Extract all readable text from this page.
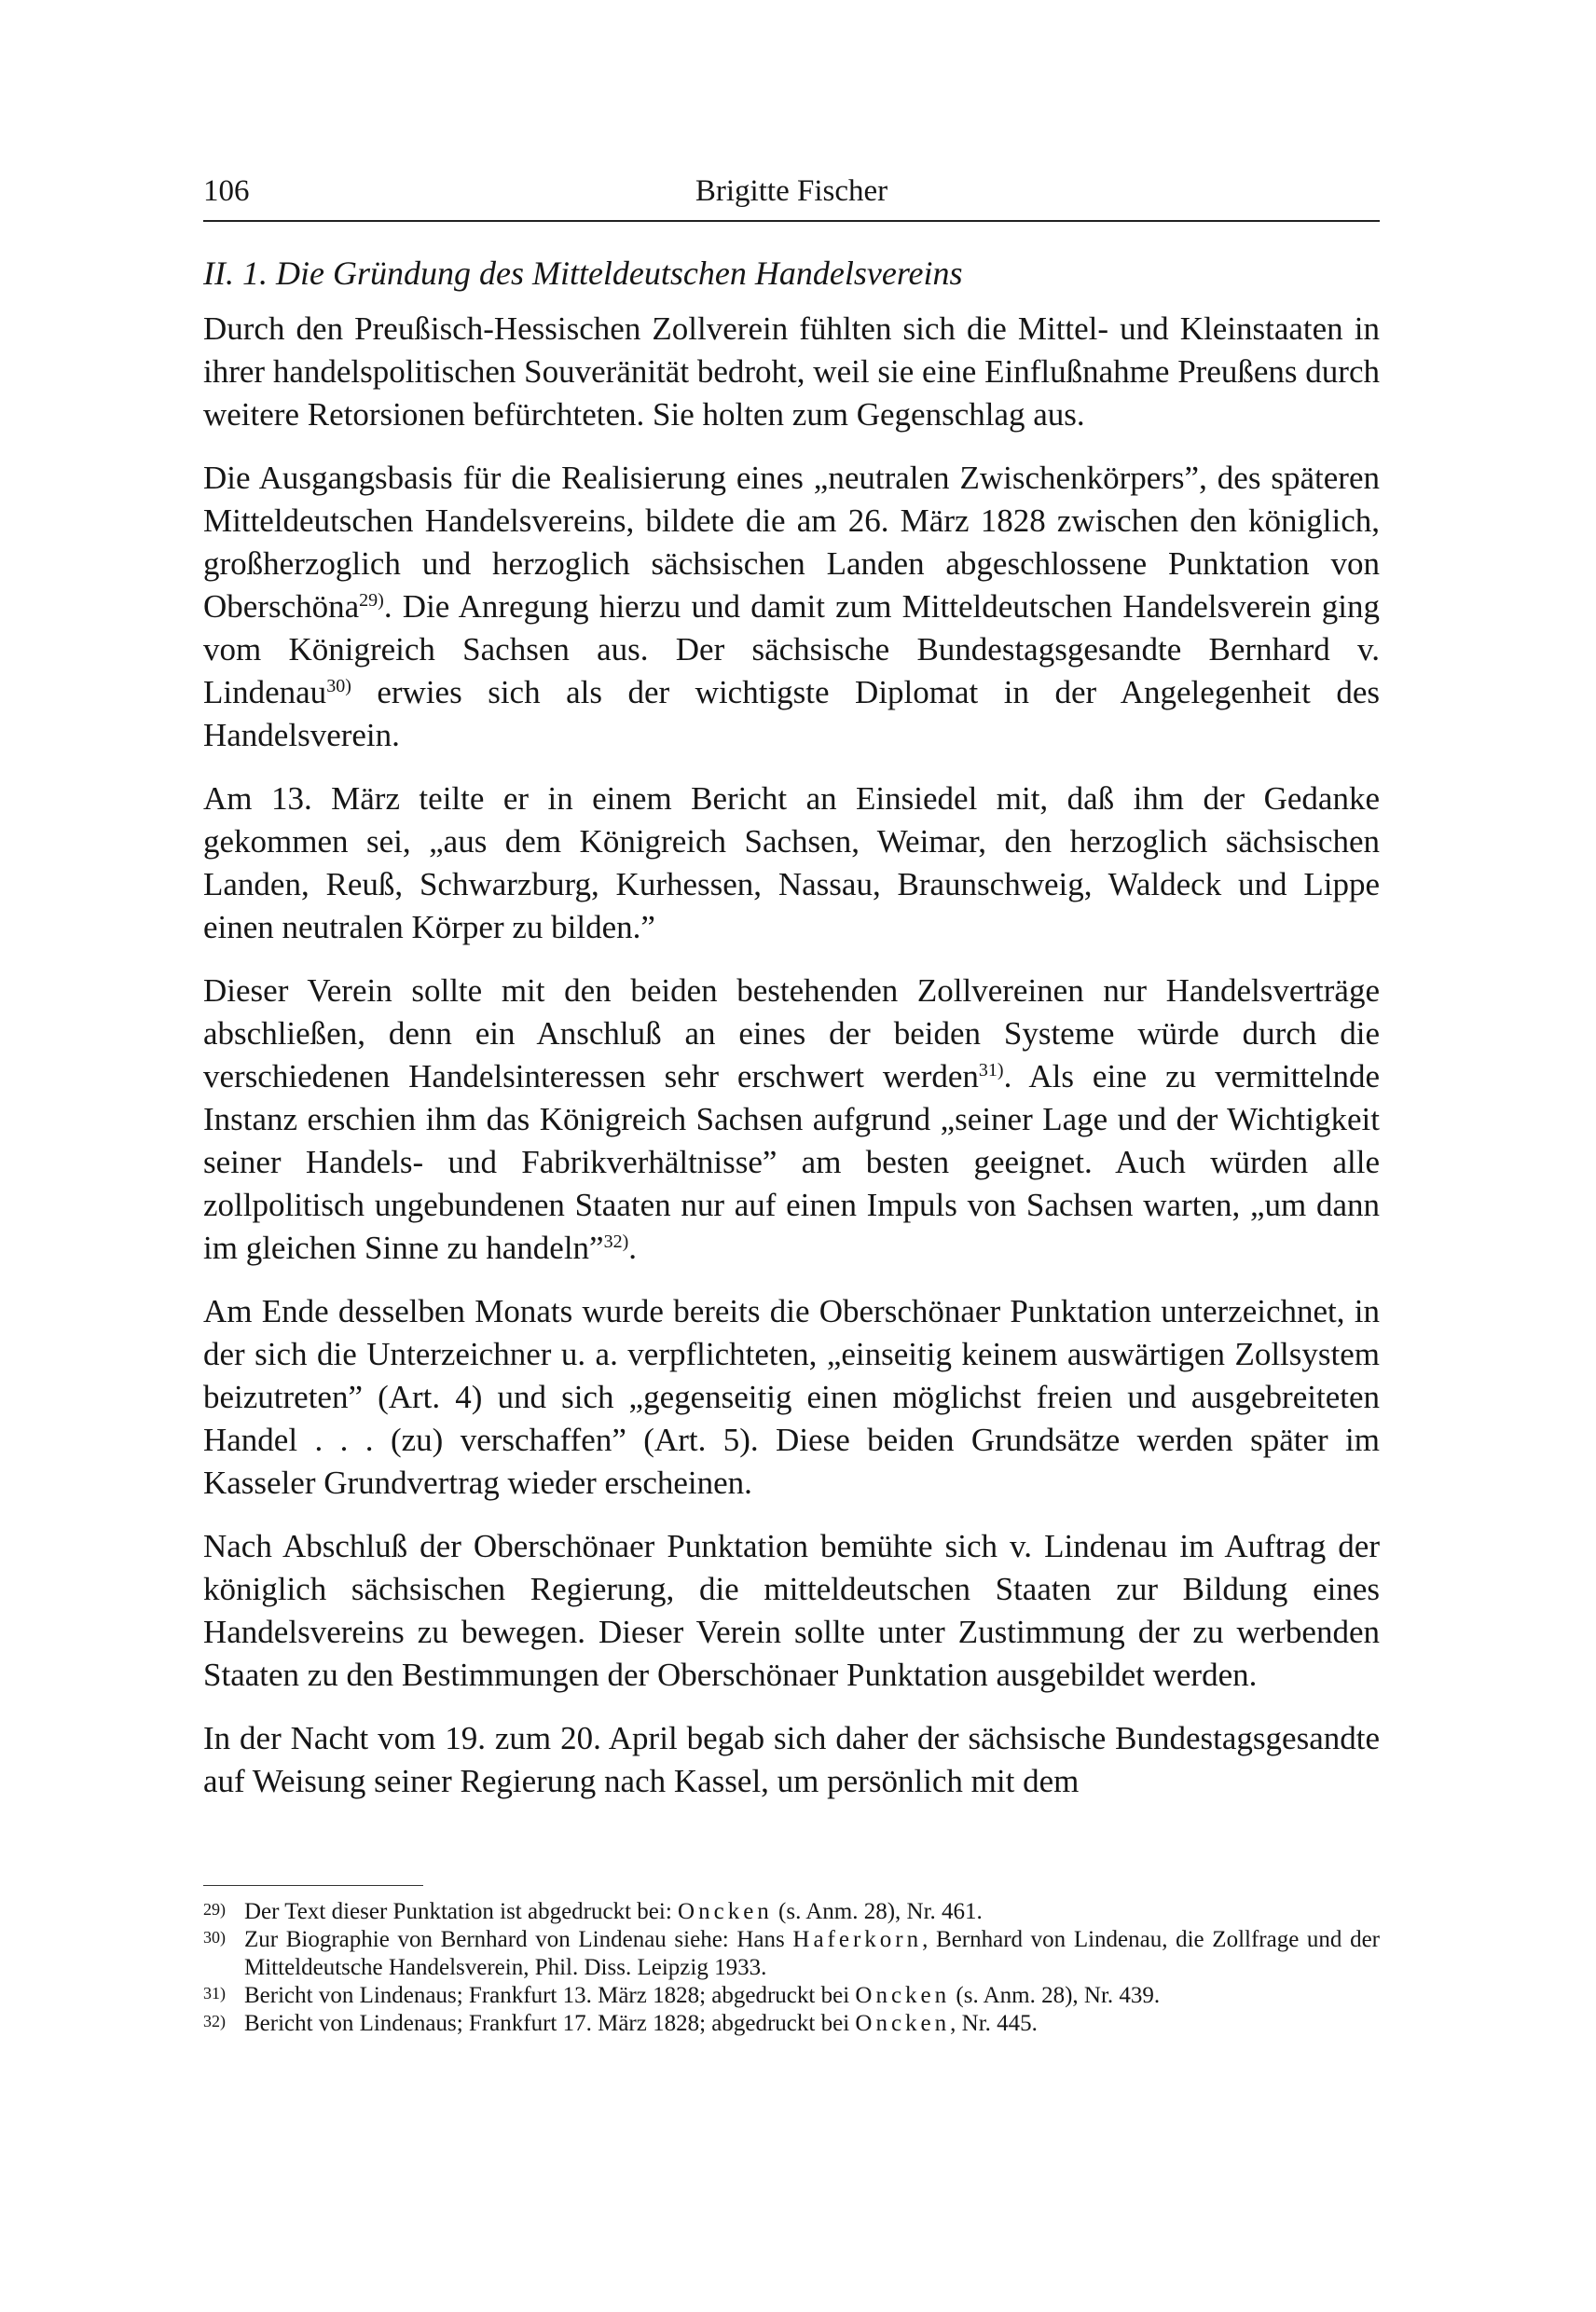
106	Brigitte Fischer
II. 1. Die Gründung des Mitteldeutschen Handelsvereins

Durch den Preußisch-Hessischen Zollverein fühlten sich die Mittel- und Kleinstaaten in ihrer handelspolitischen Souveränität bedroht, weil sie eine Einflußnahme Preußens durch weitere Retorsionen befürchteten. Sie holten zum Gegenschlag aus.

Die Ausgangsbasis für die Realisierung eines „neutralen Zwischenkörpers”, des späteren Mitteldeutschen Handelsvereins, bildete die am 26. März 1828 zwischen den königlich, großherzoglich und herzoglich sächsischen Landen abgeschlossene Punktation von Oberschöna$^{29)}$. Die Anregung hierzu und damit zum Mitteldeutschen Handelsverein ging vom Königreich Sachsen aus. Der sächsische Bundestagsgesandte Bernhard v. Lindenau$^{30)}$ erwies sich als der wichtigste Diplomat in der Angelegenheit des Handelsverein.

Am 13. März teilte er in einem Bericht an Einsiedel mit, daß ihm der Gedanke gekommen sei, „aus dem Königreich Sachsen, Weimar, den herzoglich sächsischen Landen, Reuß, Schwarzburg, Kurhessen, Nassau, Braunschweig, Waldeck und Lippe einen neutralen Körper zu bilden.”

Dieser Verein sollte mit den beiden bestehenden Zollvereinen nur Handelsverträge abschließen, denn ein Anschluß an eines der beiden Systeme würde durch die verschiedenen Handelsinteressen sehr erschwert werden$^{31)}$. Als eine zu vermittelnde Instanz erschien ihm das Königreich Sachsen aufgrund „seiner Lage und der Wichtigkeit seiner Handels- und Fabrikverhältnisse” am besten geeignet. Auch würden alle zollpolitisch ungebundenen Staaten nur auf einen Impuls von Sachsen warten, „um dann im gleichen Sinne zu handeln”$^{32)}$.

Am Ende desselben Monats wurde bereits die Oberschönaer Punktation unterzeichnet, in der sich die Unterzeichner u. a. verpflichteten, „einseitig keinem auswärtigen Zollsystem beizutreten” (Art. 4) und sich „gegenseitig einen möglichst freien und ausgebreiteten Handel . . . (zu) verschaffen” (Art. 5). Diese beiden Grundsätze werden später im Kasseler Grundvertrag wieder erscheinen.

Nach Abschluß der Oberschönaer Punktation bemühte sich v. Lindenau im Auftrag der königlich sächsischen Regierung, die mitteldeutschen Staaten zur Bildung eines Handelsvereins zu bewegen. Dieser Verein sollte unter Zustimmung der zu werbenden Staaten zu den Bestimmungen der Oberschönaer Punktation ausgebildet werden.

In der Nacht vom 19. zum 20. April begab sich daher der sächsische Bundestagsgesandte auf Weisung seiner Regierung nach Kassel, um persönlich mit dem

29) Der Text dieser Punktation ist abgedruckt bei: Oncken (s. Anm. 28), Nr. 461.
30) Zur Biographie von Bernhard von Lindenau siehe: Hans Haferkorn, Bernhard von Lindenau, die Zollfrage und der Mitteldeutsche Handelsverein, Phil. Diss. Leipzig 1933.
31) Bericht von Lindenaus; Frankfurt 13. März 1828; abgedruckt bei Oncken (s. Anm. 28), Nr. 439.
32) Bericht von Lindenaus; Frankfurt 17. März 1828; abgedruckt bei Oncken, Nr. 445.
